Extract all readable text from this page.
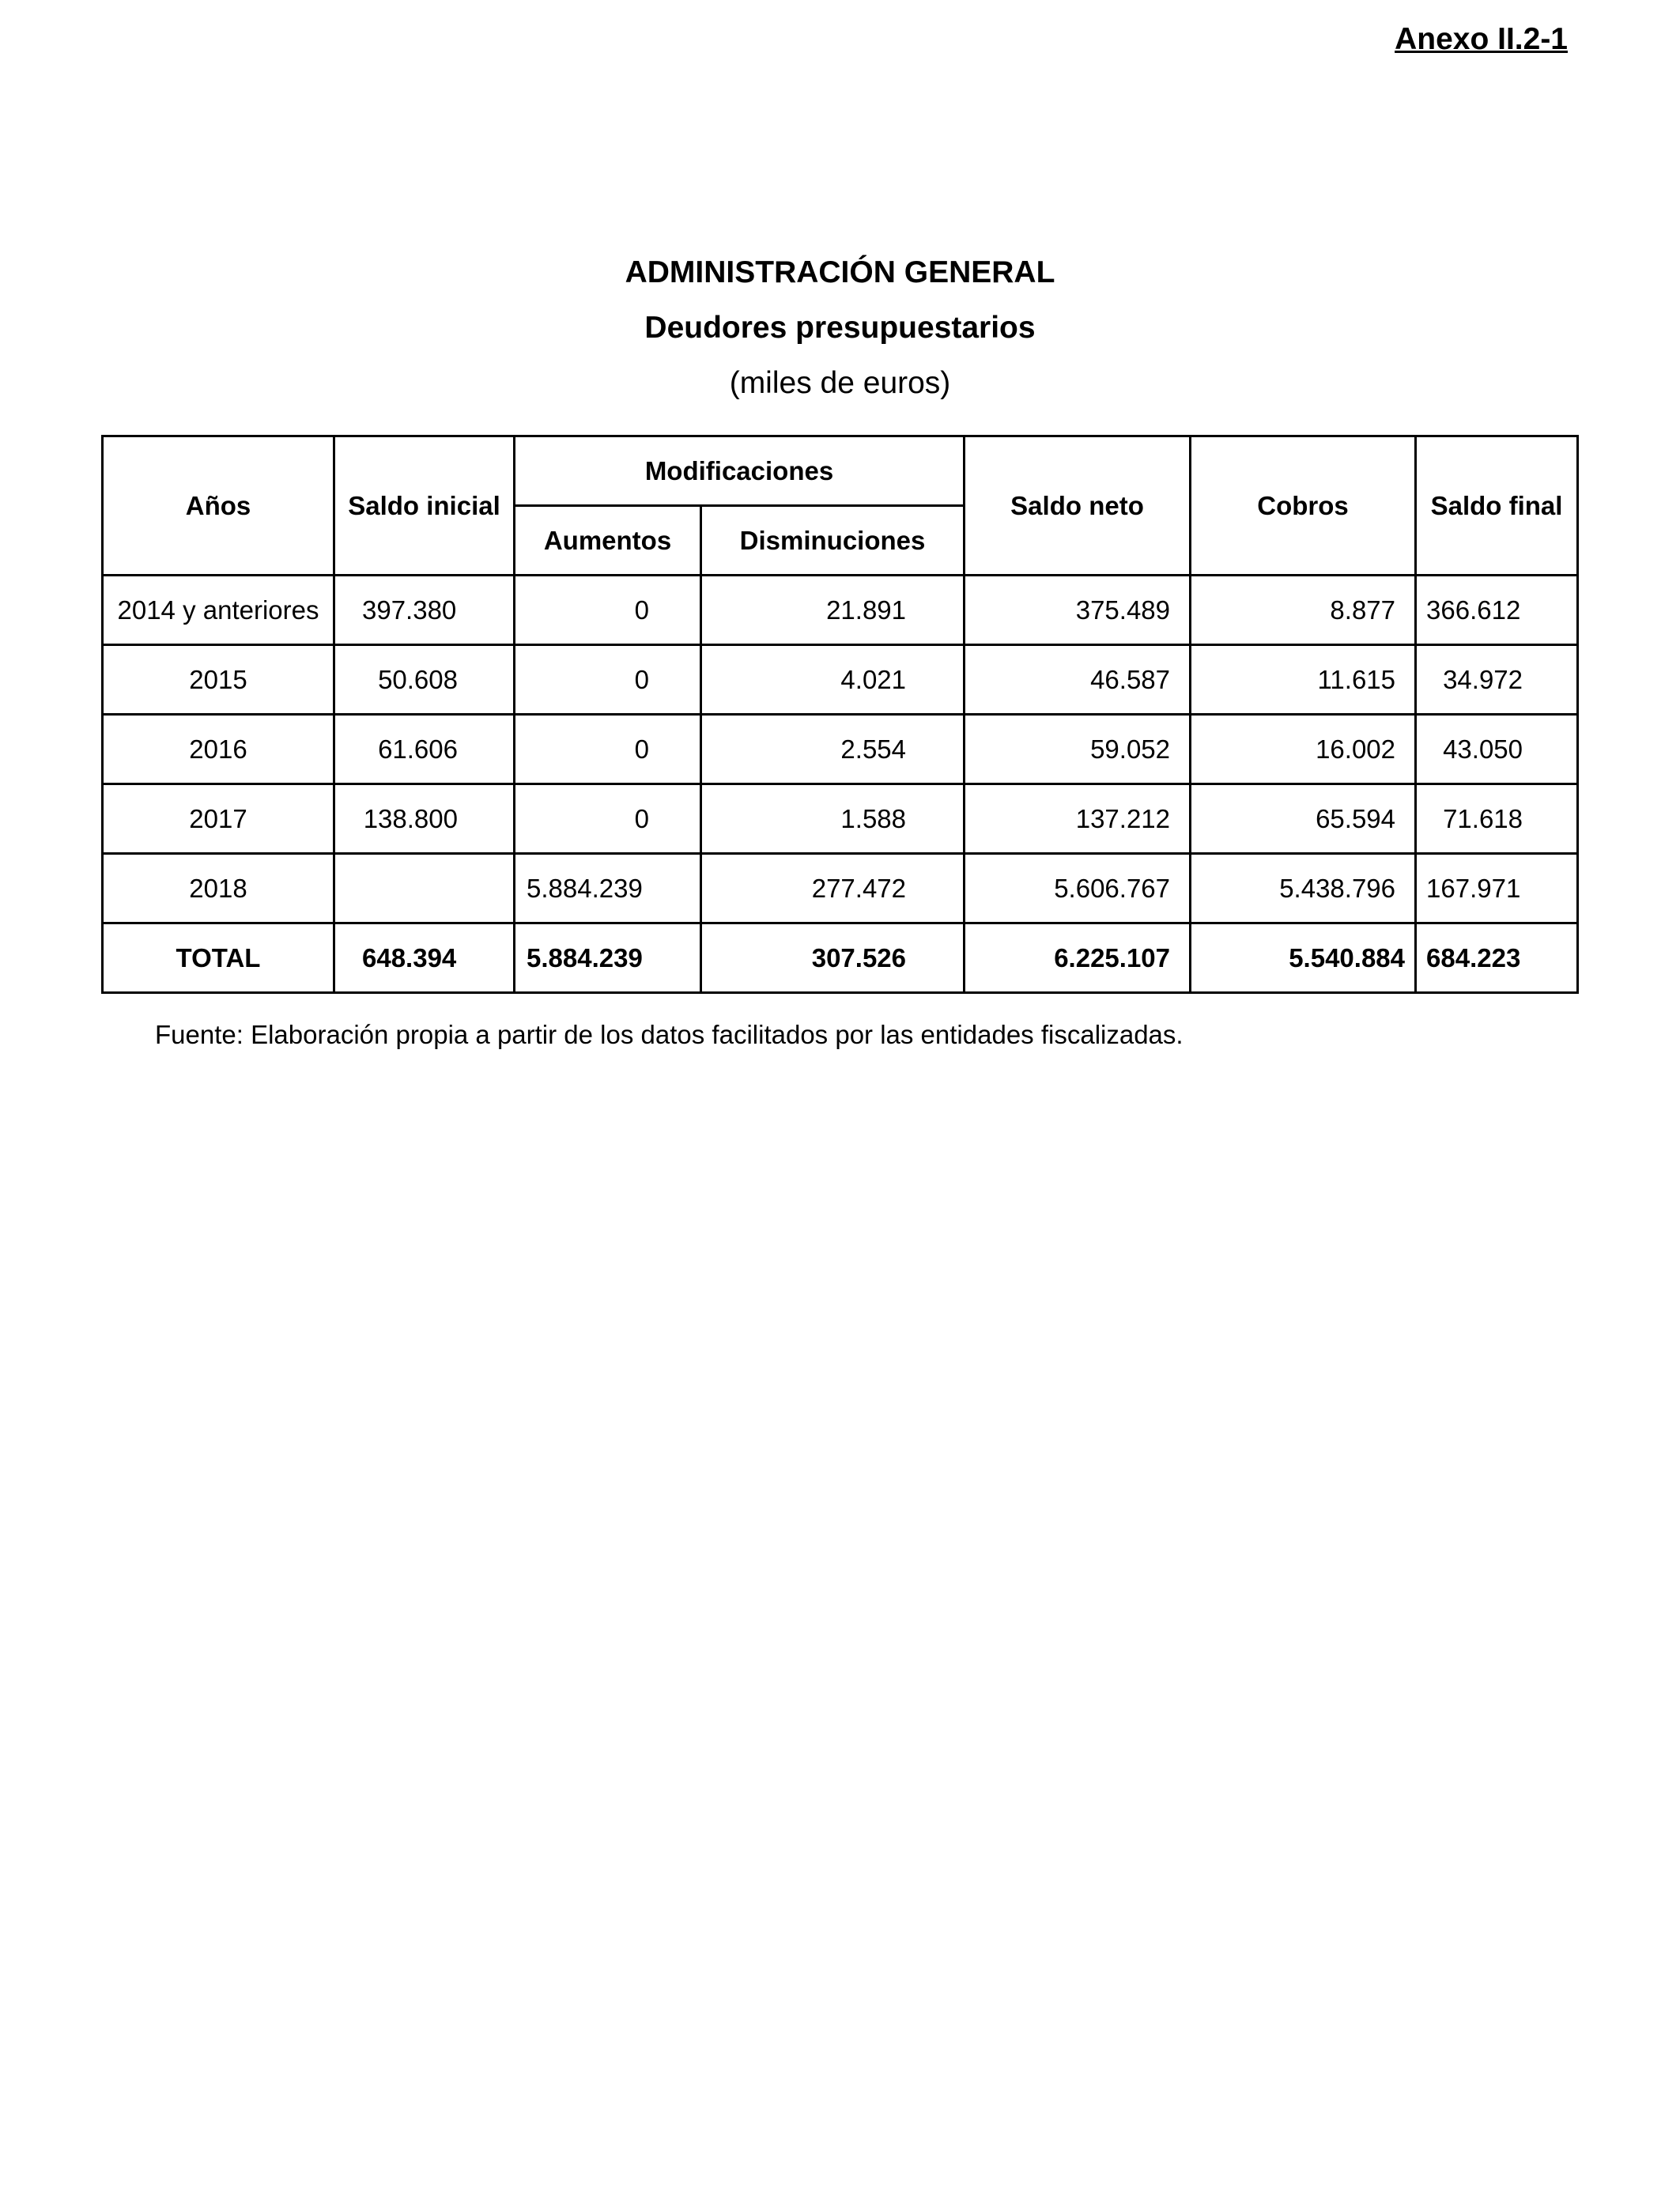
Anexo II.2-1
ADMINISTRACIÓN GENERAL
Deudores presupuestarios
(miles de euros)
Años	Saldo inicial	Modificaciones		Saldo neto	Cobros	Saldo final
		Aumentos	Disminuciones			
2014 y anteriores	397.380	0	21.891	375.489	8.877	366.612
2015	50.608	0	4.021	46.587	11.615	34.972
2016	61.606	0	2.554	59.052	16.002	43.050
2017	138.800	0	1.588	137.212	65.594	71.618
2018		5.884.239	277.472	5.606.767	5.438.796	167.971
TOTAL	648.394	5.884.239	307.526	6.225.107	5.540.884	684.223
Fuente: Elaboración propia a partir de los datos facilitados por las entidades fiscalizadas.
